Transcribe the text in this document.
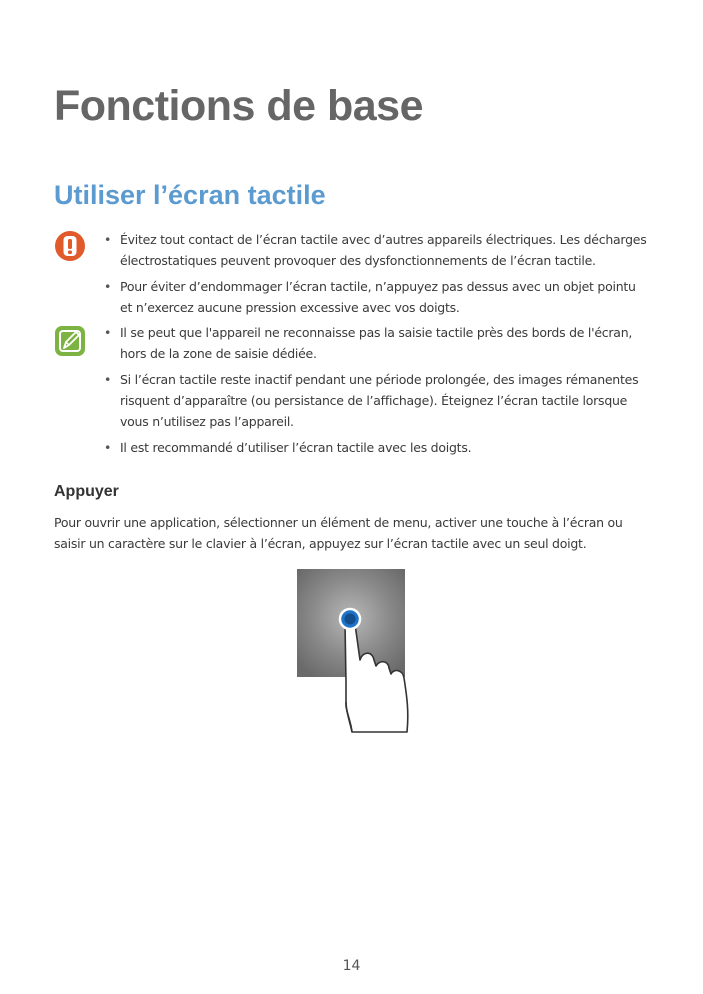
Fonctions de base
Utiliser l’écran tactile
• Évitez tout contact de l’écran tactile avec d’autres appareils électriques. Les décharges électrostatiques peuvent provoquer des dysfonctionnements de l’écran tactile.
• Pour éviter d’endommager l’écran tactile, n’appuyez pas dessus avec un objet pointu et n’exercez aucune pression excessive avec vos doigts.
• Il se peut que l'appareil ne reconnaisse pas la saisie tactile près des bords de l'écran, hors de la zone de saisie dédiée.
• Si l’écran tactile reste inactif pendant une période prolongée, des images rémanentes risquent d’apparaître (ou persistance de l’affichage). Éteignez l’écran tactile lorsque vous n’utilisez pas l’appareil.
• Il est recommandé d’utiliser l’écran tactile avec les doigts.
Appuyer
Pour ouvrir une application, sélectionner un élément de menu, activer une touche à l’écran ou saisir un caractère sur le clavier à l’écran, appuyez sur l’écran tactile avec un seul doigt.
14
